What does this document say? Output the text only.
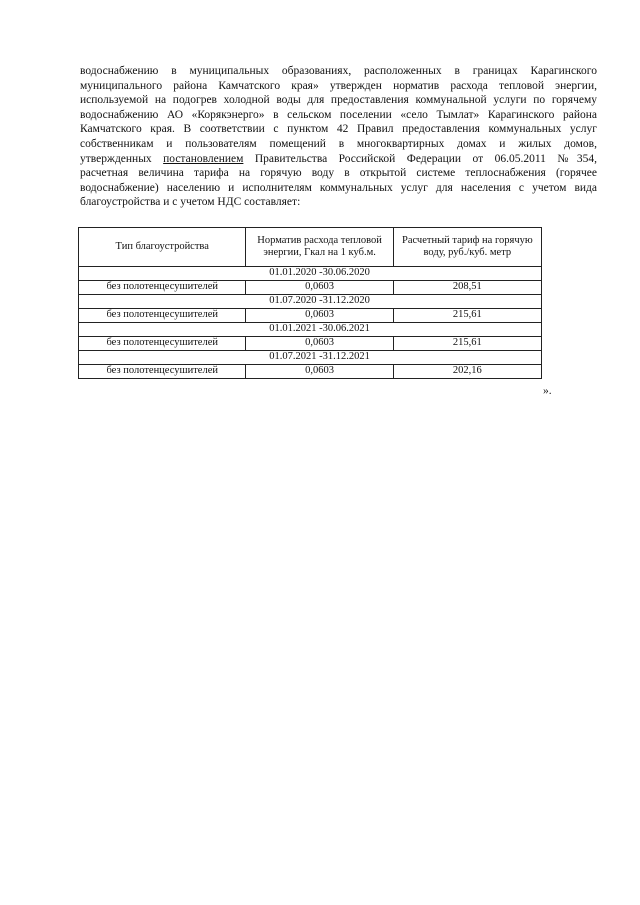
водоснабжению в муниципальных образованиях, расположенных в границах Карагинского
муниципального района Камчатского края» утвержден норматив расхода тепловой энергии,
используемой на подогрев холодной воды для предоставления коммунальной услуги по горячему
водоснабжению АО «Корякэнерго» в сельском поселении «село Тымлат» Карагинского района
Камчатского края. В соответствии с пунктом 42 Правил предоставления коммунальных услуг
собственникам и пользователям помещений в многоквартирных домах и жилых домов,
утвержденных постановлением Правительства Российской Федерации от 06.05.2011 №354,
расчетная величина тарифа на горячую воду в открытой системе теплоснабжения (горячее
водоснабжение) населению и исполнителям коммунальных услуг для населения с учетом вида
благоустройства и с учетом НДС составляет:

Тип благоустройства	Норматив расхода тепловой энергии, Гкал на 1 куб.м.	Расчетный тариф на горячую воду, руб./куб. метр
	01.01.2020 -30.06.2020	
без полотенцесушителей	0,0603	208,51
	01.07.2020 -31.12.2020	
без полотенцесушителей	0,0603	215,61
	01.01.2021 -30.06.2021	
без полотенцесушителей	0,0603	215,61
	01.07.2021 -31.12.2021	
без полотенцесушителей	0,0603	202,16
».
